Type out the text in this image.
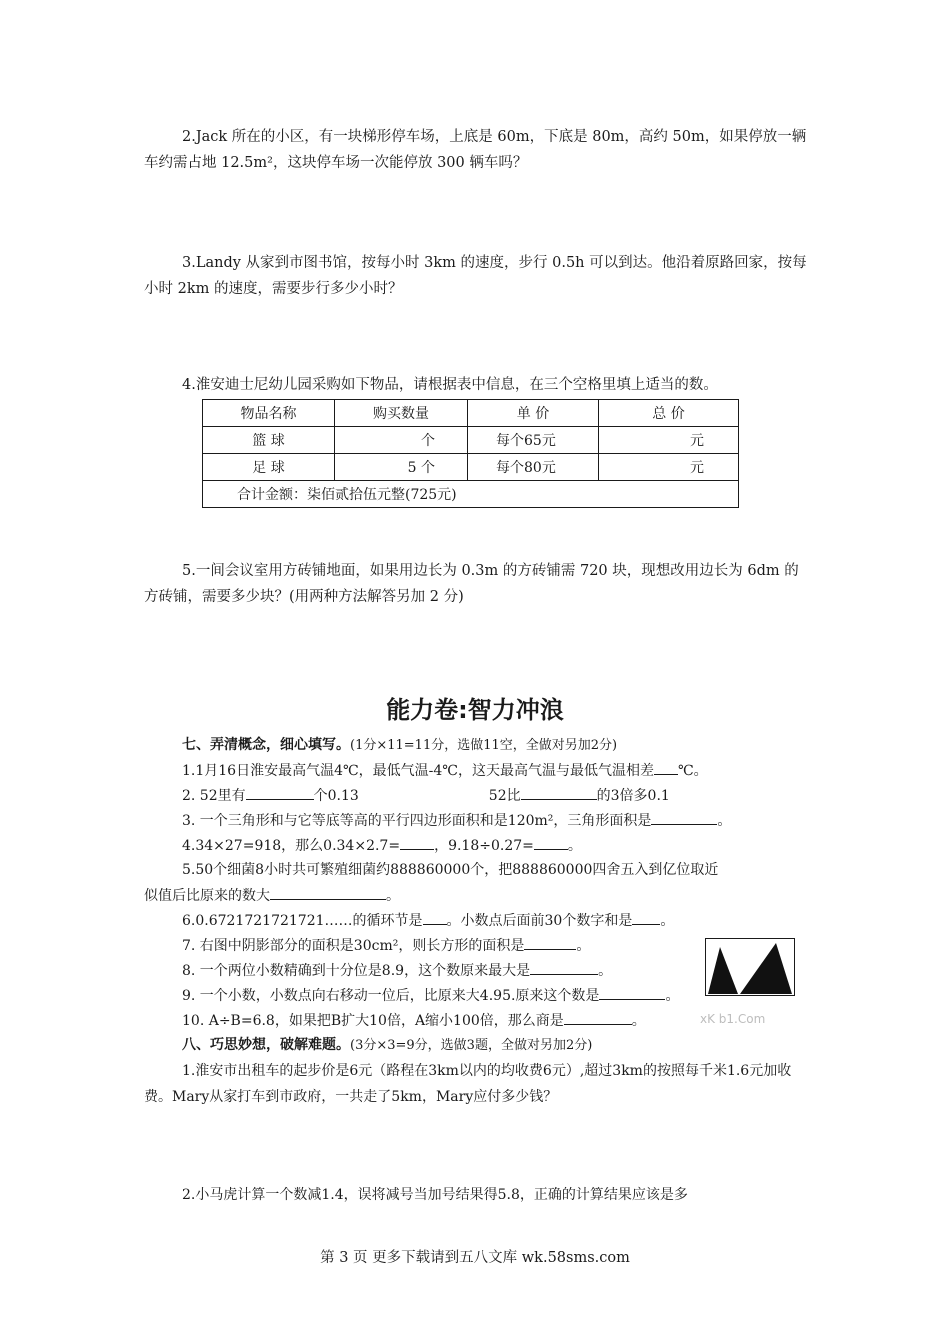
2.Jack 所在的小区，有一块梯形停车场，上底是 60m，下底是 80m，高约 50m，如果停放一辆车约需占地 12.5m²，这块停车场一次能停放 300 辆车吗？

3.Landy 从家到市图书馆，按每小时 3km 的速度，步行 0.5h 可以到达。他沿着原路回家，按每小时 2km 的速度，需要步行多少小时？

4.淮安迪士尼幼儿园采购如下物品，请根据表中信息，在三个空格里填上适当的数。

物品名称	购买数量	单 价	总 价
篮 球	个	每个65元	元
足 球	5 个	每个80元	元
合计金额：柒佰贰拾伍元整(725元)			

5.一间会议室用方砖铺地面，如果用边长为 0.3m 的方砖铺需 720 块，现想改用边长为 6dm 的方砖铺，需要多少块？(用两种方法解答另加 2 分)

能力卷:智力冲浪
七、弄清概念，细心填写。(1分×11=11分，选做11空，全做对另加2分)
1.1月16日淮安最高气温4℃，最低气温-4℃，这天最高气温与最低气温相差 ℃。
2. 52里有	个0.13	52比	的3倍多0.1
3. 一个三角形和与它等底等高的平行四边形面积和是120m²，三角形面积是	。
4.34×27=918，那么0.34×2.7= ，9.18÷0.27= 。
5.50个细菌8小时共可繁殖细菌约888860000个，把888860000四舍五入到亿位取近
似值后比原来的数大	。
6.0.6721721721721……的循环节是 。小数点后面前30个数字和是 。
7. 右图中阴影部分的面积是30cm²，则长方形的面积是	。
8. 一个两位小数精确到十分位是8.9，这个数原来最大是	。
9. 一个小数，小数点向右移动一位后，比原来大4.95.原来这个数是	。
10. A÷B=6.8，如果把B扩大10倍，A缩小100倍，那么商是	。	xK b1.Com
八、巧思妙想，破解难题。(3分×3=9分，选做3题，全做对另加2分)

1.淮安市出租车的起步价是6元（路程在3km以内的均收费6元）,超过3km的按照每千米1.6元加收费。Mary从家打车到市政府，一共走了5km，Mary应付多少钱？

2.小马虎计算一个数减1.4，误将减号当加号结果得5.8，正确的计算结果应该是多

第 3 页 更多下载请到五八文库 wk.58sms.com
